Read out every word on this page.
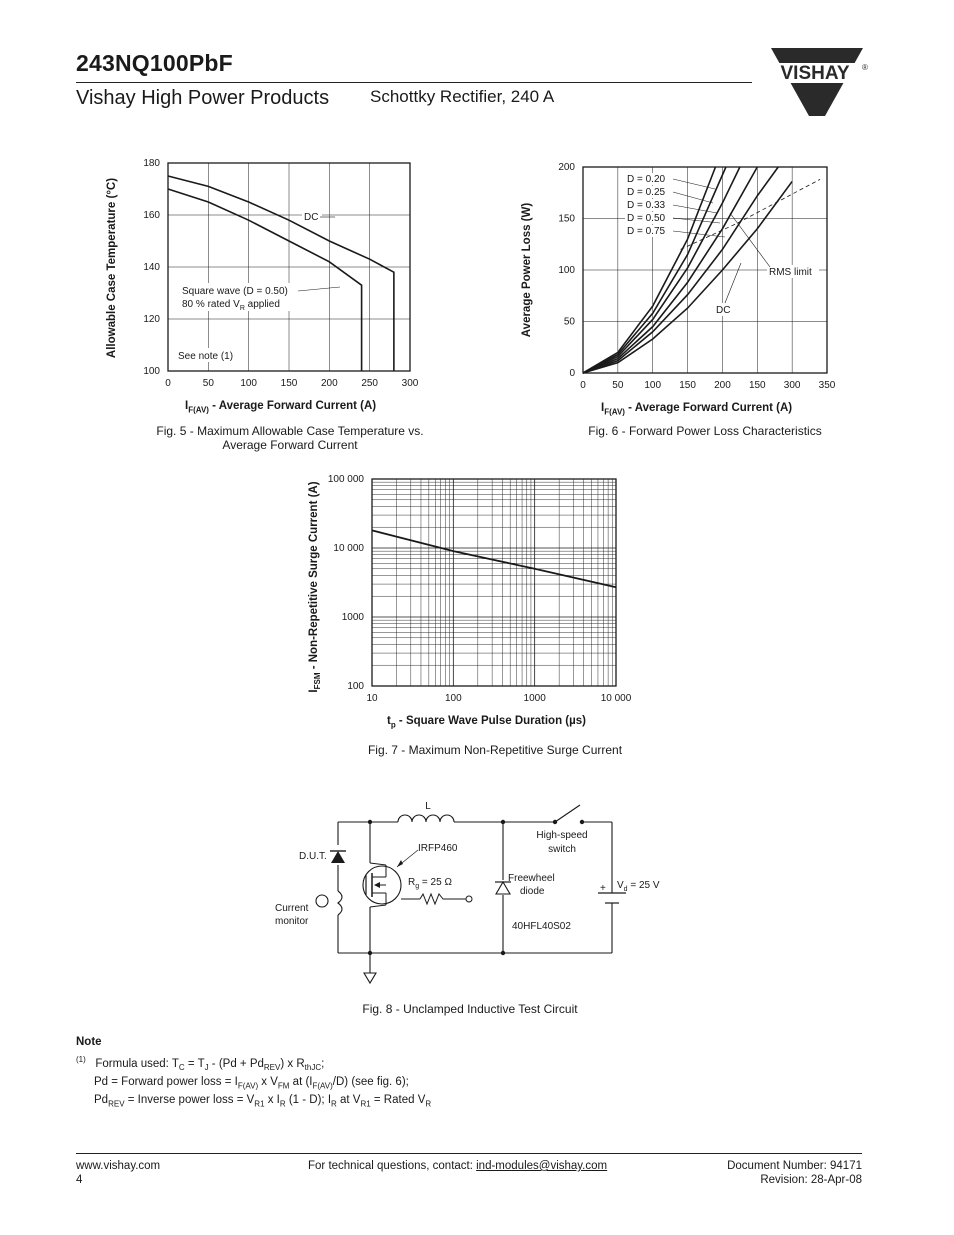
243NQ100PbF
Vishay High Power Products Schottky Rectifier, 240 A
VISHAY ®
0	50	100 150 200 250 300
100
120
140
160
180
DC
Square wave (D = 0.50)
80 % rated $V_R$ applied
See note (1)
Allowable Case Temperature (°C)
$I_{F(AV)}$ - Average Forward Current (A)
Fig. 5 - Maximum Allowable Case Temperature vs.
Average Forward Current
0	50 100 150 200 150 300 350
0
50
100
150
200
D = 0.20
D = 0.25
D = 0.33
D = 0.50
D = 0.75
RMS limit
DC
Average Power Loss (W)
$I_{F(AV)}$ - Average Forward Current (A)
Fig. 6 - Forward Power Loss Characteristics
10	100	1000	10 000
100
1000
10 000
100 000
$I_{FSM}$ - Non-Repetitive Surge Current (A)
$t_p$ - Square Wave Pulse Duration (µs)
Fig. 7 - Maximum Non-Repetitive Surge Current
L
High-speed
switch
D.U.T.
IRFP460
$R_g = 25$ Ω	Freewheel
diode
40HFL40S02
+ $V_d = 25$ V
Current
monitor
Fig. 8 - Unclamped Inductive Test Circuit
Note
$^{(1)}$ Formula used: $T_C = T_J - (Pd + Pd_{REV})$ x $R_{thJC}$;
Pd = Forward power loss = $I_{F(AV)}$ x $V_{FM}$ at $(I_{F(AV)}/D)$ (see fig. 6);
$Pd_{REV}$ = Inverse power loss = $V_{R1}$ x $I_R$ (1 - D); $I_R$ at $V_{R1}$ = Rated $V_R$
www.vishay.com
4
For technical questions, contact: ind-modules@vishay.com	Document Number: 94171
Revision: 28-Apr-08
